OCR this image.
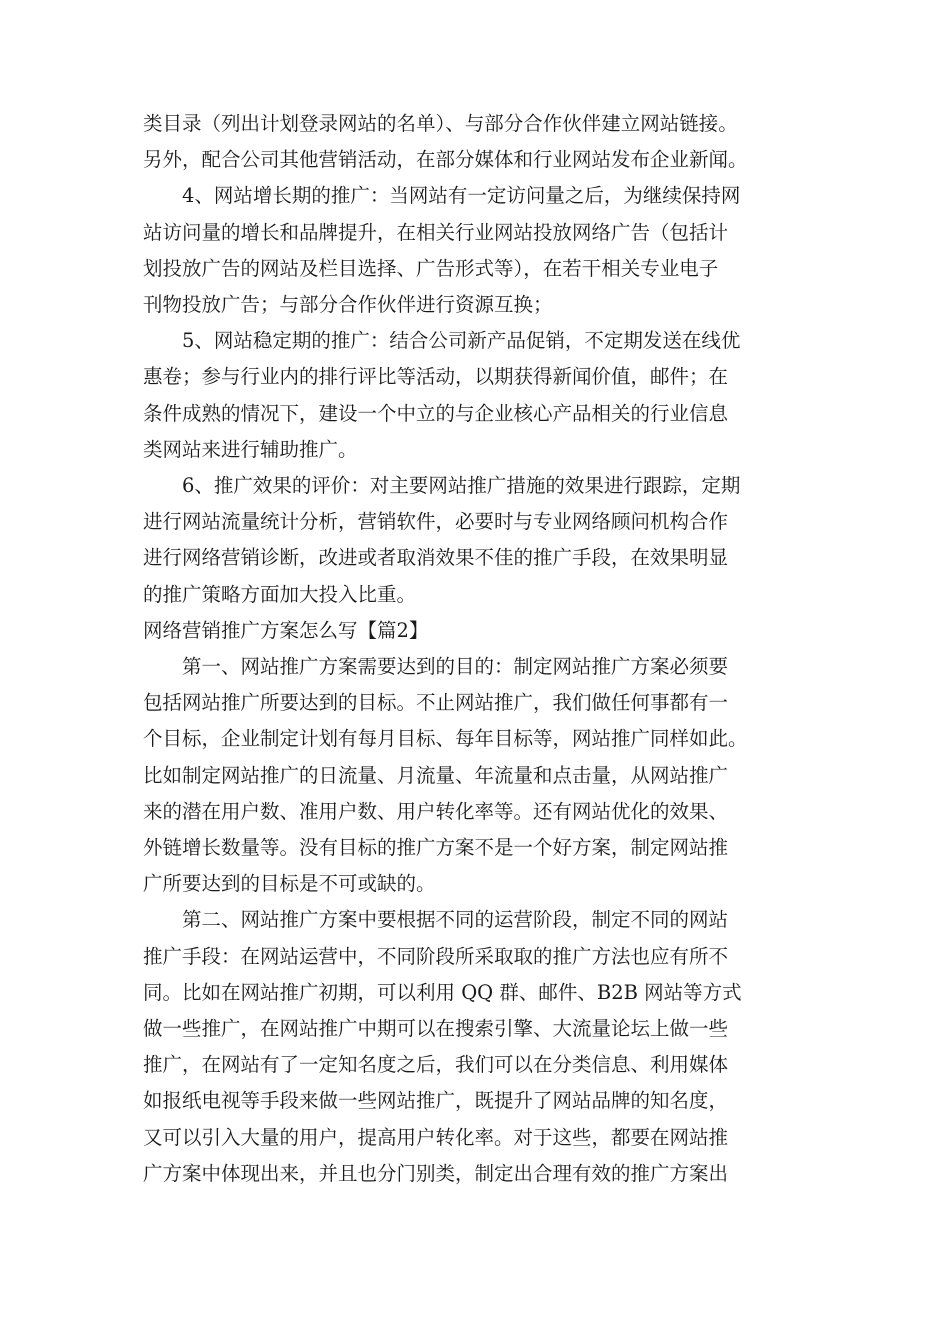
类目录（列出计划登录网站的名单）、与部分合作伙伴建立网站链接。
另外，配合公司其他营销活动，在部分媒体和行业网站发布企业新闻。
4、网站增长期的推广：当网站有一定访问量之后，为继续保持网
站访问量的增长和品牌提升，在相关行业网站投放网络广告（包括计
划投放广告的网站及栏目选择、广告形式等），在若干相关专业电子
刊物投放广告；与部分合作伙伴进行资源互换；
5、网站稳定期的推广：结合公司新产品促销，不定期发送在线优
惠卷；参与行业内的排行评比等活动，以期获得新闻价值，邮件；在
条件成熟的情况下，建设一个中立的与企业核心产品相关的行业信息
类网站来进行辅助推广。
6、推广效果的评价：对主要网站推广措施的效果进行跟踪，定期
进行网站流量统计分析，营销软件，必要时与专业网络顾问机构合作
进行网络营销诊断，改进或者取消效果不佳的推广手段，在效果明显
的推广策略方面加大投入比重。
网络营销推广方案怎么写【篇2】
第一、网站推广方案需要达到的目的：制定网站推广方案必须要
包括网站推广所要达到的目标。不止网站推广，我们做任何事都有一
个目标，企业制定计划有每月目标、每年目标等，网站推广同样如此。
比如制定网站推广的日流量、月流量、年流量和点击量，从网站推广
来的潜在用户数、准用户数、用户转化率等。还有网站优化的效果、
外链增长数量等。没有目标的推广方案不是一个好方案，制定网站推
广所要达到的目标是不可或缺的。
第二、网站推广方案中要根据不同的运营阶段，制定不同的网站
推广手段：在网站运营中，不同阶段所采取取的推广方法也应有所不
同。比如在网站推广初期，可以利用 QQ 群、邮件、B2B 网站等方式
做一些推广，在网站推广中期可以在搜索引擎、大流量论坛上做一些
推广，在网站有了一定知名度之后，我们可以在分类信息、利用媒体
如报纸电视等手段来做一些网站推广，既提升了网站品牌的知名度，
又可以引入大量的用户，提高用户转化率。对于这些，都要在网站推
广方案中体现出来，并且也分门别类，制定出合理有效的推广方案出
